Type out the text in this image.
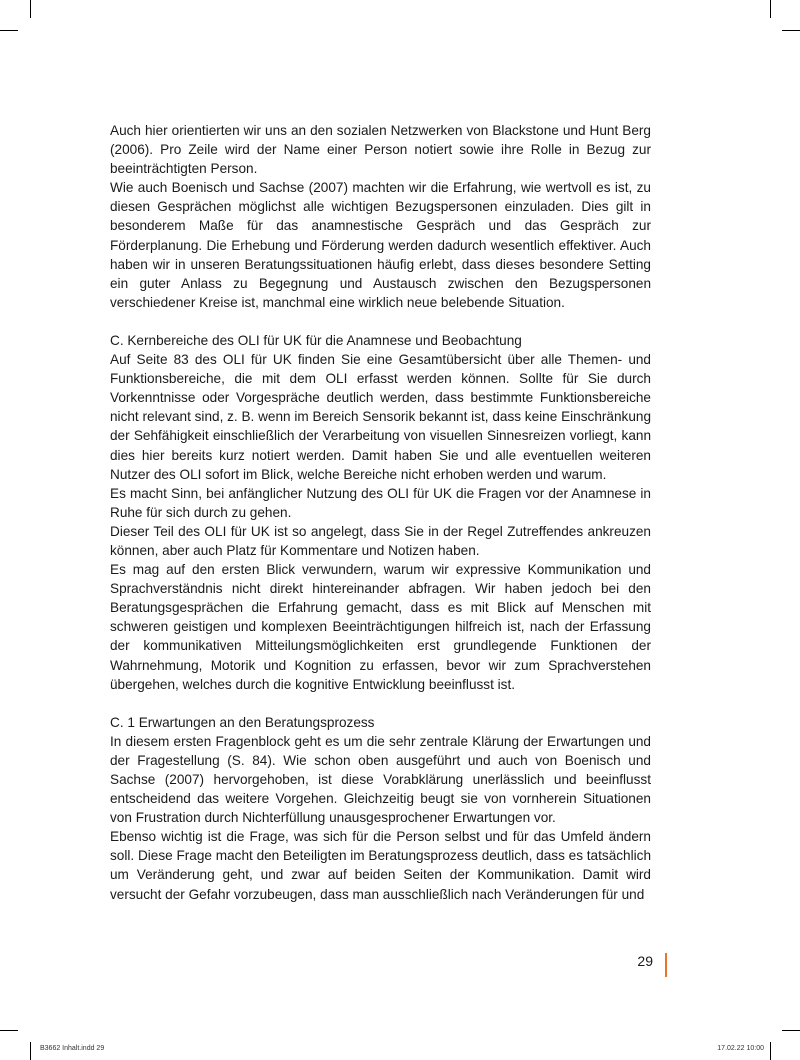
Auch hier orientierten wir uns an den sozialen Netzwerken von Blackstone und Hunt Berg (2006). Pro Zeile wird der Name einer Person notiert sowie ihre Rolle in Bezug zur beeinträchtigten Person.

Wie auch Boenisch und Sachse (2007) machten wir die Erfahrung, wie wertvoll es ist, zu diesen Gesprächen möglichst alle wichtigen Bezugspersonen einzuladen. Dies gilt in besonderem Maße für das anamnestische Gespräch und das Gespräch zur Förderplanung. Die Erhebung und Förderung werden dadurch wesentlich effektiver. Auch haben wir in unseren Beratungssituationen häufig erlebt, dass dieses besondere Setting ein guter Anlass zu Begegnung und Austausch zwischen den Bezugspersonen verschiedener Kreise ist, manchmal eine wirklich neue belebende Situation.

C. Kernbereiche des OLI für UK für die Anamnese und Beobachtung

Auf Seite 83 des OLI für UK finden Sie eine Gesamtübersicht über alle Themen- und Funktionsbereiche, die mit dem OLI erfasst werden können. Sollte für Sie durch Vorkenntnisse oder Vorgespräche deutlich werden, dass bestimmte Funktionsbereiche nicht relevant sind, z. B. wenn im Bereich Sensorik bekannt ist, dass keine Einschränkung der Sehfähigkeit einschließlich der Verarbeitung von visuellen Sinnesreizen vorliegt, kann dies hier bereits kurz notiert werden. Damit haben Sie und alle eventuellen weiteren Nutzer des OLI sofort im Blick, welche Bereiche nicht erhoben werden und warum.

Es macht Sinn, bei anfänglicher Nutzung des OLI für UK die Fragen vor der Anamnese in Ruhe für sich durch zu gehen.

Dieser Teil des OLI für UK ist so angelegt, dass Sie in der Regel Zutreffendes ankreuzen können, aber auch Platz für Kommentare und Notizen haben.

Es mag auf den ersten Blick verwundern, warum wir expressive Kommunikation und Sprachverständnis nicht direkt hintereinander abfragen. Wir haben jedoch bei den Beratungsgesprächen die Erfahrung gemacht, dass es mit Blick auf Menschen mit schweren geistigen und komplexen Beeinträchtigungen hilfreich ist, nach der Erfassung der kommunikativen Mitteilungsmöglichkeiten erst grundlegende Funktionen der Wahrnehmung, Motorik und Kognition zu erfassen, bevor wir zum Sprachverstehen übergehen, welches durch die kognitive Entwicklung beeinflusst ist.

C. 1 Erwartungen an den Beratungsprozess

In diesem ersten Fragenblock geht es um die sehr zentrale Klärung der Erwartungen und der Fragestellung (S. 84). Wie schon oben ausgeführt und auch von Boenisch und Sachse (2007) hervorgehoben, ist diese Vorabklärung unerlässlich und beeinflusst entscheidend das weitere Vorgehen. Gleichzeitig beugt sie von vornherein Situationen von Frustration durch Nichterfüllung unausgesprochener Erwartungen vor.

Ebenso wichtig ist die Frage, was sich für die Person selbst und für das Umfeld ändern soll. Diese Frage macht den Beteiligten im Beratungsprozess deutlich, dass es tatsächlich um Veränderung geht, und zwar auf beiden Seiten der Kommunikation. Damit wird versucht der Gefahr vorzubeugen, dass man ausschließlich nach Veränderungen für und

29
B3662 Inhalt.indd 29	17.02.22 10:00
